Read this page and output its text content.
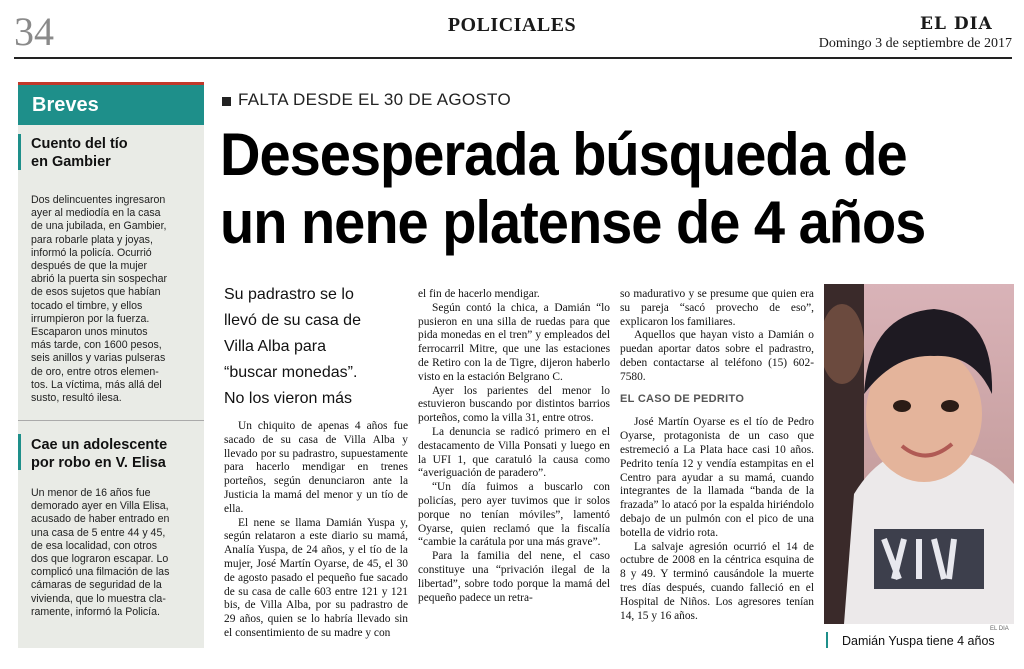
34	POLICIALES	EL DIA
Domingo 3 de septiembre de 2017
Breves
Cuento del tío
en Gambier
Dos delincuentes ingresaron
ayer al mediodía en la casa
de una jubilada, en Gambier,
para robarle plata y joyas,
informó la policía. Ocurrió
después de que la mujer
abrió la puerta sin sospechar
de esos sujetos que habían
tocado el timbre, y ellos
irrumpieron por la fuerza.
Escaparon unos minutos
más tarde, con 1600 pesos,
seis anillos y varias pulseras
de oro, entre otros elemen-
tos. La víctima, más allá del
susto, resultó ilesa.
Cae un adolescente
por robo en V. Elisa
Un menor de 16 años fue
demorado ayer en Villa Elisa,
acusado de haber entrado en
una casa de 5 entre 44 y 45,
de esa localidad, con otros
dos que lograron escapar. Lo
complicó una filmación de las
cámaras de seguridad de la
vivienda, que lo muestra cla-
ramente, informó la Policía.
FALTA DESDE EL 30 DE AGOSTO
Desesperada búsqueda de
un nene platense de 4 años
Su padrastro se lo
llevó de su casa de
Villa Alba para
“buscar monedas”.
No los vieron más

Un chiquito de apenas 4 años fue sacado de su casa de Villa Alba y llevado por su padrastro, supuestamente para hacerlo mendigar en trenes porteños, según denunciaron ante la Justicia la mamá del menor y un tío de ella.

El nene se llama Damián Yuspa y, según relataron a este diario su mamá, Analía Yuspa, de 24 años, y el tío de la mujer, José Martín Oyarse, de 45, el 30 de agosto pasado el pequeño fue sacado de su casa de calle 603 entre 121 y 121 bis, de Villa Alba, por su padrastro de 29 años, quien se lo habría llevado sin el consentimiento de su madre y con

el fin de hacerlo mendigar.

Según contó la chica, a Damián “lo pusieron en una silla de ruedas para que pida monedas en el tren” y empleados del ferrocarril Mitre, que une las estaciones de Retiro con la de Tigre, dijeron haberlo visto en la estación Belgrano C.

Ayer los parientes del menor lo estuvieron buscando por distintos barrios porteños, como la villa 31, entre otros.

La denuncia se radicó primero en el destacamento de Villa Ponsati y luego en la UFI 1, que caratuló la causa como “averiguación de paradero”.

“Un día fuimos a buscarlo con policías, pero ayer tuvimos que ir solos porque no tenían móviles”, lamentó Oyarse, quien reclamó que la fiscalía “cambie la carátula por una más grave”.

Para la familia del nene, el caso constituye una “privación ilegal de la libertad”, sobre todo porque la mamá del pequeño padece un retra-

so madurativo y se presume que quien era su pareja “sacó provecho de eso”, explicaron los familiares.

Aquellos que hayan visto a Damián o puedan aportar datos sobre el padrastro, deben contactarse al teléfono (15) 602-7580.

EL CASO DE PEDRITO

José Martín Oyarse es el tío de Pedro Oyarse, protagonista de un caso que estremeció a La Plata hace casi 10 años. Pedrito tenía 12 y vendía estampitas en el Centro para ayudar a su mamá, cuando integrantes de la llamada “banda de la frazada” lo atacó por la espalda hiriéndolo debajo de un pulmón con el pico de una botella de vidrio rota.

La salvaje agresión ocurrió el 14 de octubre de 2008 en la céntrica esquina de 8 y 49. Y terminó causándole la muerte tres días después, cuando falleció en el Hospital de Niños. Los agresores tenían 14, 15 y 16 años.

EL DIA
Damián Yuspa tiene 4 años
